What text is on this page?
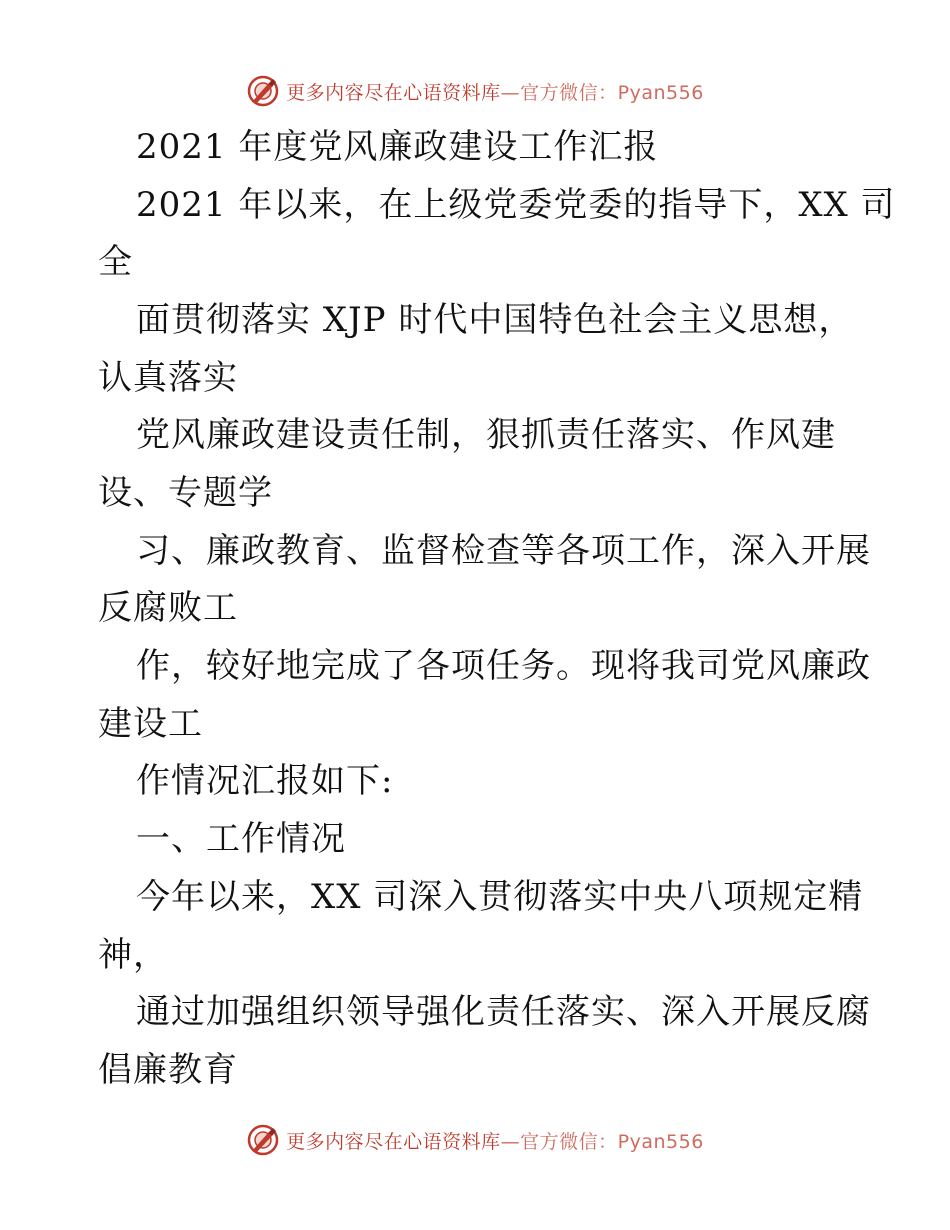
更多内容尽在心语资料库—官方微信：Pyan556
2021 年度党风廉政建设工作汇报
2021 年以来，在上级党委党委的指导下，XX 司
全
面贯彻落实 XJP 时代中国特色社会主义思想，
认真落实
党风廉政建设责任制，狠抓责任落实、作风建
设、专题学
习、廉政教育、监督检查等各项工作，深入开展
反腐败工
作，较好地完成了各项任务。现将我司党风廉政
建设工
作情况汇报如下:
一、工作情况
今年以来，XX 司深入贯彻落实中央八项规定精
神，
通过加强组织领导强化责任落实、深入开展反腐
倡廉教育
更多内容尽在心语资料库—官方微信：Pyan556
